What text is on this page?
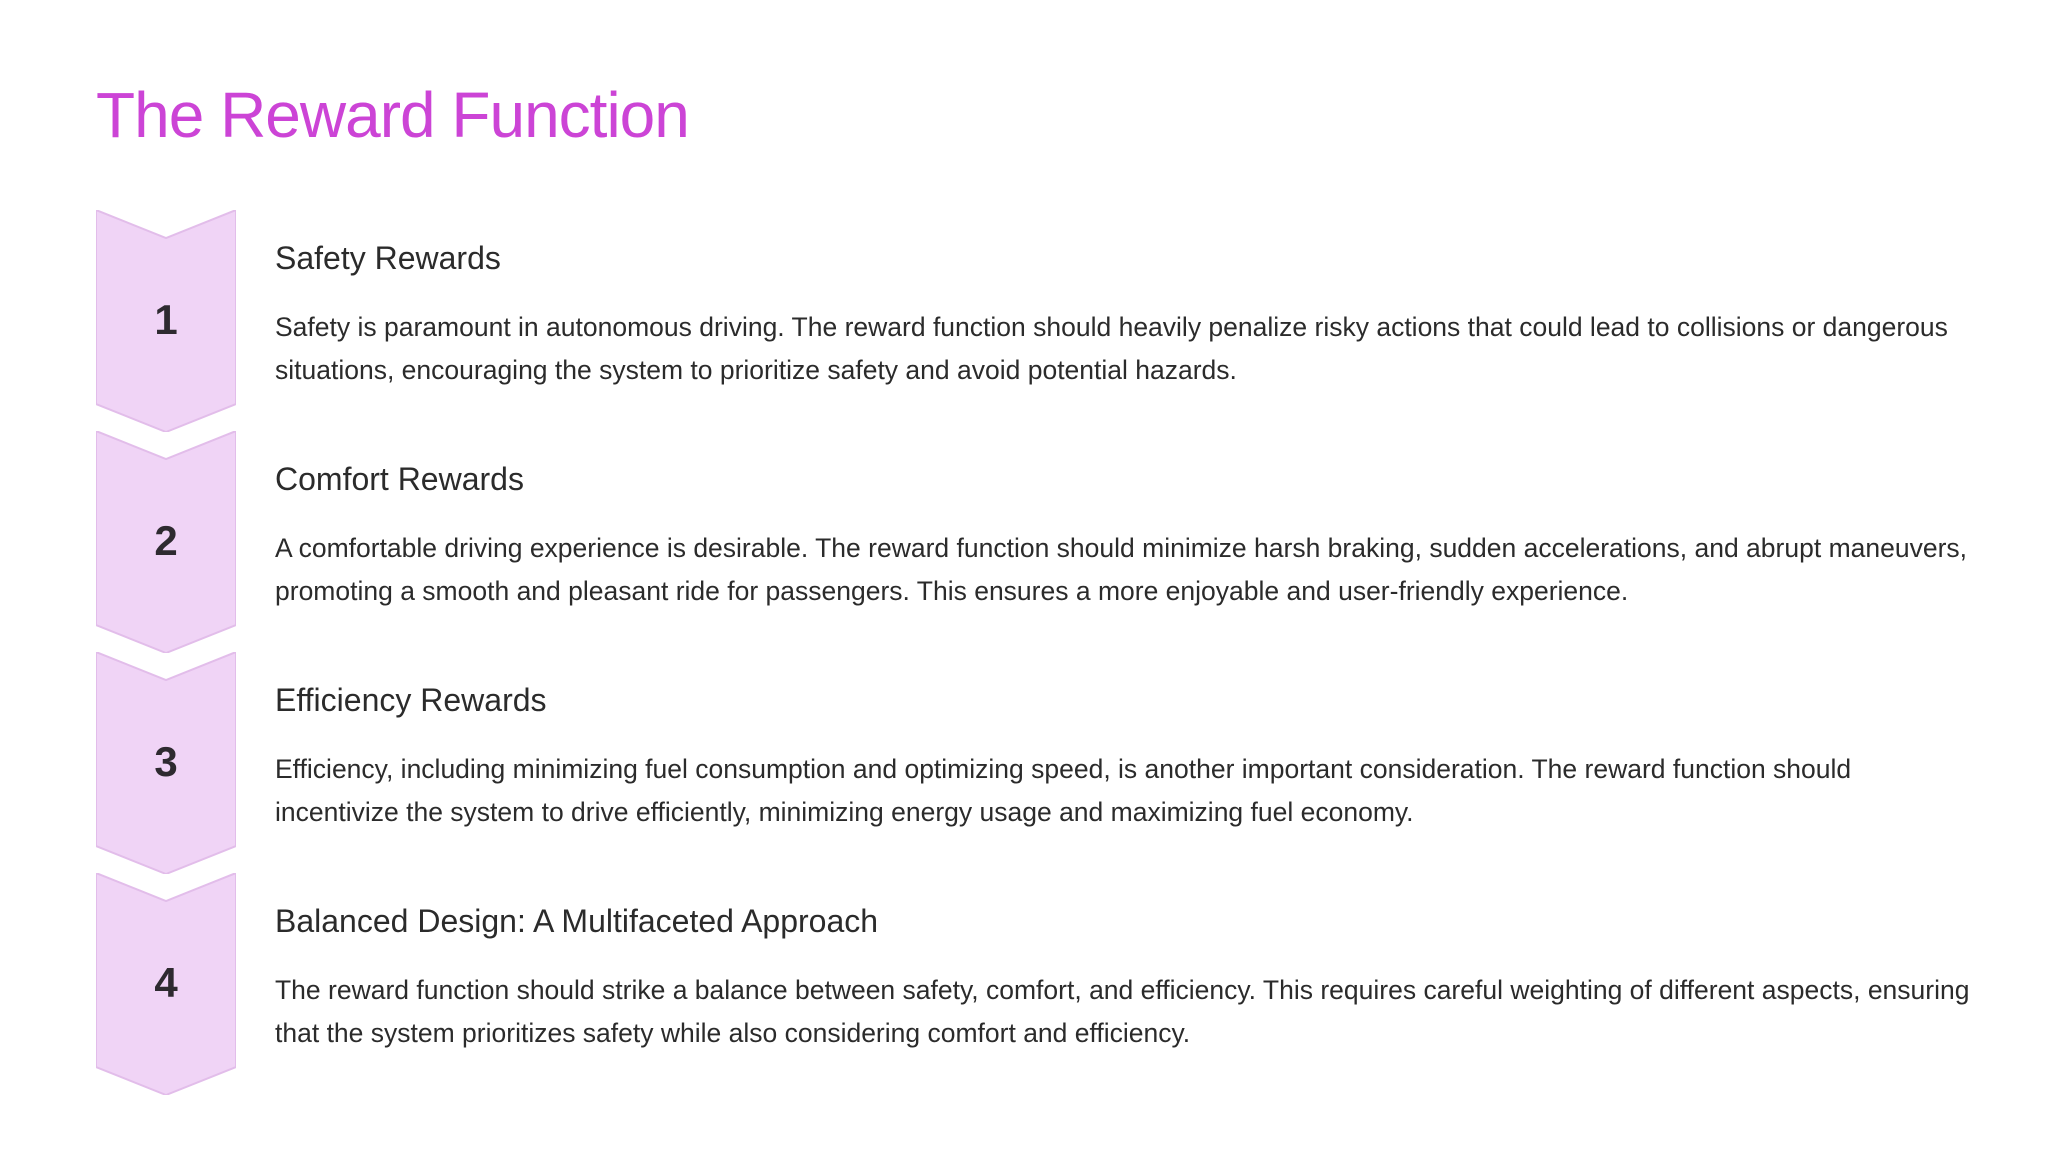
The Reward Function
1
Safety Rewards

Safety is paramount in autonomous driving. The reward function should heavily penalize risky actions that could lead to collisions or dangerous situations, encouraging the system to prioritize safety and avoid potential hazards.

2
Comfort Rewards

A comfortable driving experience is desirable. The reward function should minimize harsh braking, sudden accelerations, and abrupt maneuvers, promoting a smooth and pleasant ride for passengers. This ensures a more enjoyable and user-friendly experience.

3
Efficiency Rewards

Efficiency, including minimizing fuel consumption and optimizing speed, is another important consideration. The reward function should incentivize the system to drive efficiently, minimizing energy usage and maximizing fuel economy.

4
Balanced Design: A Multifaceted Approach

The reward function should strike a balance between safety, comfort, and efficiency. This requires careful weighting of different aspects, ensuring that the system prioritizes safety while also considering comfort and efficiency.
